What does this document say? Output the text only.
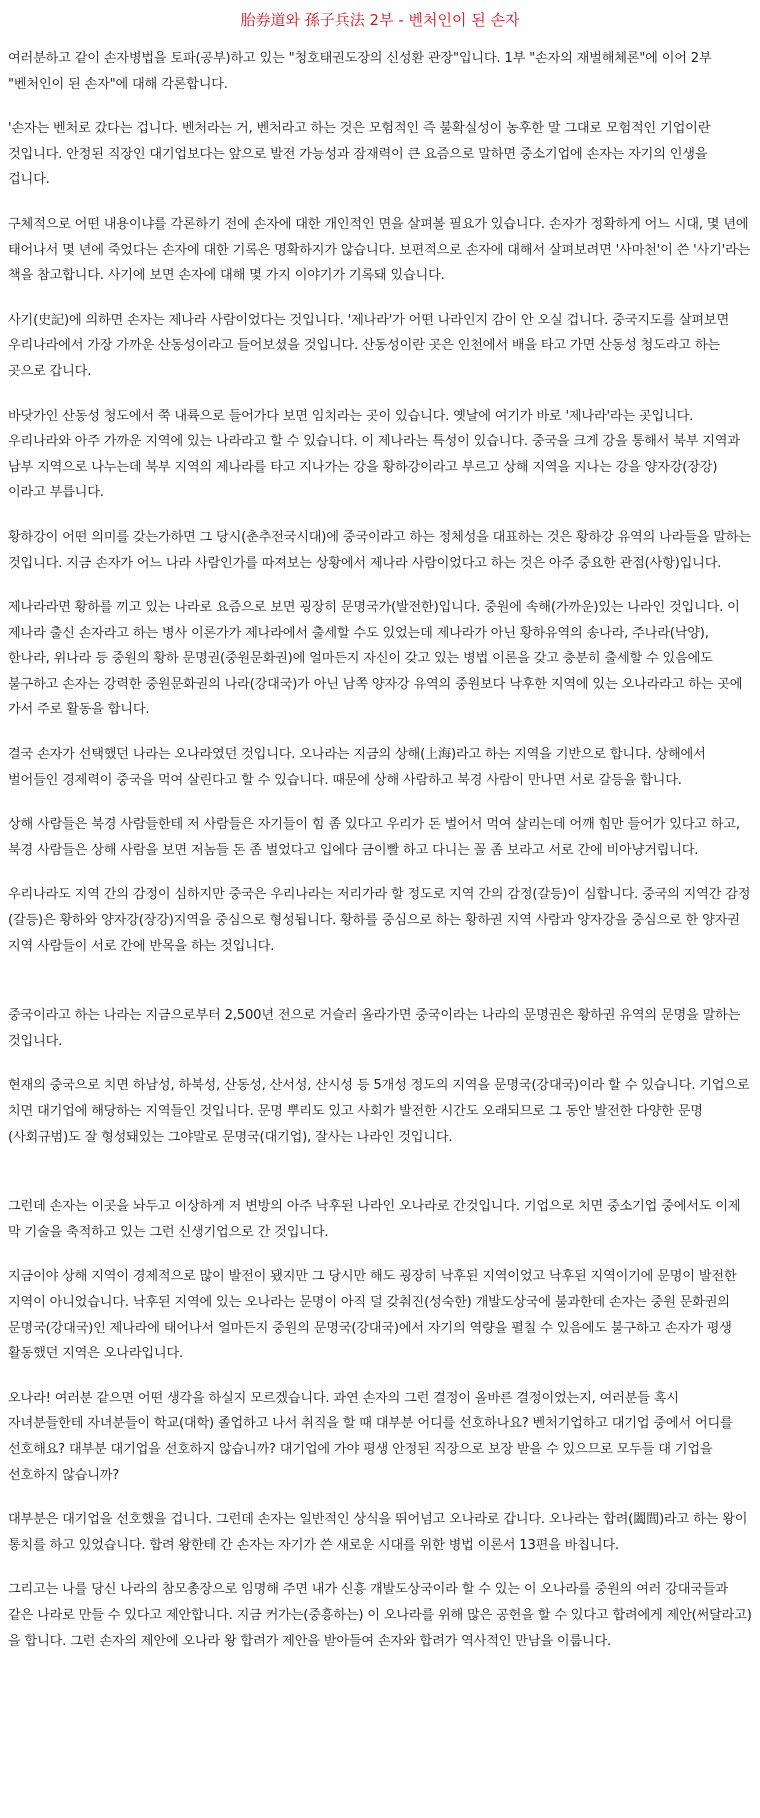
胎券道와 孫子兵法 2부 - 벤처인이 된 손자

여러분하고 같이 손자병법을 토파(공부)하고 있는 "청호태권도장의 신성환 관장"입니다. 1부 "손자의 재벌해체론"에 이어 2부 "벤처인이 된 손자"에 대해 각론합니다.

'손자는 벤처로 갔다는 겁니다. 벤처라는 거, 벤처라고 하는 것은 모험적인 즉 불확실성이 농후한 말 그대로 모험적인 기업이란 것입니다. 안정된 직장인 대기업보다는 앞으로 발전 가능성과 잠재력이 큰 요즘으로 말하면 중소기업에 손자는 자기의 인생을 겁니다.

구체적으로 어떤 내용이냐를 각론하기 전에 손자에 대한 개인적인 면을 살펴볼 필요가 있습니다. 손자가 정확하게 어느 시대, 몇 년에 태어나서 몇 년에 죽었다는 손자에 대한 기록은 명확하지가 않습니다. 보편적으로 손자에 대해서 살펴보려면 '사마천'이 쓴 '사기'라는 책을 참고합니다. 사기에 보면 손자에 대해 몇 가지 이야기가 기록돼 있습니다.

사기(史記)에 의하면 손자는 제나라 사람이었다는 것입니다. '제나라'가 어떤 나라인지 감이 안 오실 겁니다. 중국지도를 살펴보면 우리나라에서 가장 가까운 산동성이라고 들어보셨을 것입니다. 산동성이란 곳은 인천에서 배을 타고 가면 산동성 청도라고 하는 곳으로 갑니다.

바닷가인 산동성 청도에서 쭉 내륙으로 들어가다 보면 임치라는 곳이 있습니다. 옛날에 여기가 바로 '제나라'라는 곳입니다. 우리나라와 아주 가까운 지역에 있는 나라라고 할 수 있습니다. 이 제나라는 특성이 있습니다. 중국을 크게 강을 통해서 북부 지역과 남부 지역으로 나누는데 북부 지역의 제나라를 타고 지나가는 강을 황하강이라고 부르고 상해 지역을 지나는 강을 양자강(장강)이라고 부릅니다.

황하강이 어떤 의미를 갖는가하면 그 당시(춘추전국시대)에 중국이라고 하는 정체성을 대표하는 것은 황하강 유역의 나라들을 말하는 것입니다. 지금 손자가 어느 나라 사람인가를 따져보는 상황에서 제나라 사람이었다고 하는 것은 아주 중요한 관점(사항)입니다.

제나라라면 황하를 끼고 있는 나라로 요즘으로 보면 굉장히 문명국가(발전한)입니다. 중원에 속해(가까운)있는 나라인 것입니다. 이 제나라 출신 손자라고 하는 병사 이론가가 제나라에서 출세할 수도 있었는데 제나라가 아닌 황하유역의 송나라, 주나라(낙양), 한나라, 위나라 등 중원의 황하 문명권(중원문화권)에 얼마든지 자신이 갖고 있는 병법 이론을 갖고 충분히 출세할 수 있음에도 불구하고 손자는 강력한 중원문화권의 나라(강대국)가 아닌 남쪽 양자강 유역의 중원보다 낙후한 지역에 있는 오나라라고 하는 곳에 가서 주로 활동을 합니다.

결국 손자가 선택했던 나라는 오나라였던 것입니다. 오나라는 지금의 상해(上海)라고 하는 지역을 기반으로 합니다. 상해에서 벌어들인 경제력이 중국을 먹여 살린다고 할 수 있습니다. 때문에 상해 사람하고 북경 사람이 만나면 서로 갈등을 합니다.

상해 사람들은 북경 사람들한테 저 사람들은 자기들이 힘 좀 있다고 우리가 돈 벌어서 먹여 살리는데 어깨 힘만 들어가 있다고 하고, 북경 사람들은 상해 사람을 보면 저놈들 돈 좀 벌었다고 입에다 금이빨 하고 다니는 꼴 좀 보라고 서로 간에 비아냥거립니다.

우리나라도 지역 간의 감정이 심하지만 중국은 우리나라는 저리가라 할 정도로 지역 간의 감정(갈등)이 심합니다. 중국의 지역간 감정(갈등)은 황하와 양자강(장강)지역을 중심으로 형성됩니다. 황하를 중심으로 하는 황하권 지역 사람과 양자강을 중심으로 한 양자권 지역 사람들이 서로 간에 반목을 하는 것입니다.

중국이라고 하는 나라는 지금으로부터 2,500년 전으로 거슬러 올라가면 중국이라는 나라의 문명권은 황하권 유역의 문명을 말하는 것입니다.

현재의 중국으로 치면 하남성, 하북성, 산동성, 산서성, 산시성 등 5개성 정도의 지역을 문명국(강대국)이라 할 수 있습니다. 기업으로 치면 대기업에 해당하는 지역들인 것입니다. 문명 뿌리도 있고 사회가 발전한 시간도 오래되므로 그 동안 발전한 다양한 문명(사회규범)도 잘 형성돼있는 그야말로 문명국(대기업), 잘사는 나라인 것입니다.

그런데 손자는 이곳을 놔두고 이상하게 저 변방의 아주 낙후된 나라인 오나라로 간것입니다. 기업으로 치면 중소기업 중에서도 이제 막 기술을 축적하고 있는 그런 신생기업으로 간 것입니다.

지금이야 상해 지역이 경제적으로 많이 발전이 됐지만 그 당시만 해도 굉장히 낙후된 지역이었고 낙후된 지역이기에 문명이 발전한 지역이 아니었습니다. 낙후된 지역에 있는 오나라는 문명이 아직 덜 갖춰진(성숙한) 개발도상국에 불과한데 손자는 중원 문화권의 문명국(강대국)인 제나라에 태어나서 얼마든지 중원의 문명국(강대국)에서 자기의 역량을 펼칠 수 있음에도 불구하고 손자가 평생 활동했던 지역은 오나라입니다.

오나라! 여러분 같으면 어떤 생각을 하실지 모르겠습니다. 과연 손자의 그런 결정이 올바른 결정이었는지, 여러분들 혹시 자녀분들한테 자녀분들이 학교(대학) 졸업하고 나서 취직을 할 때 대부분 어디를 선호하나요? 벤처기업하고 대기업 중에서 어디를 선호해요? 대부분 대기업을 선호하지 않습니까? 대기업에 가야 평생 안정된 직장으로 보장 받을 수 있으므로 모두들 대 기업을 선호하지 않습니까?

대부분은 대기업을 선호했을 겁니다. 그런데 손자는 일반적인 상식을 뛰어넘고 오나라로 갑니다. 오나라는 합려(闔閭)라고 하는 왕이 통치를 하고 있었습니다. 합려 왕한테 간 손자는 자기가 쓴 새로운 시대를 위한 병법 이론서 13편을 바칩니다.

그리고는 나를 당신 나라의 참모총장으로 임명해 주면 내가 신흥 개발도상국이라 할 수 있는 이 오나라를 중원의 여러 강대국들과 같은 나라로 만들 수 있다고 제안합니다. 지금 커가는(중흥하는) 이 오나라를 위해 많은 공헌을 할 수 있다고 합려에게 제안(써달라고)을 합니다. 그런 손자의 제안에 오나라 왕 합려가 제안을 받아들여 손자와 합려가 역사적인 만남을 이룹니다.
